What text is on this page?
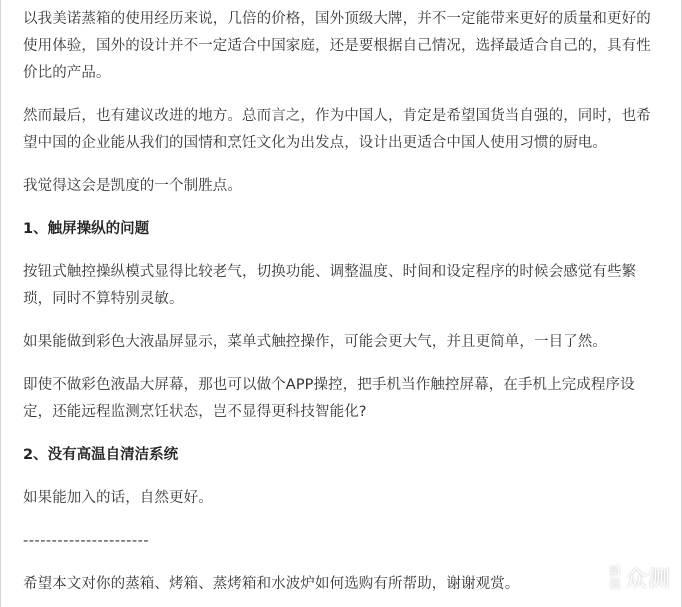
以我美诺蒸箱的使用经历来说，几倍的价格，国外顶级大牌，并不一定能带来更好的质量和更好的使用体验，国外的设计并不一定适合中国家庭，还是要根据自己情况，选择最适合自己的，具有性价比的产品。

然而最后，也有建议改进的地方。总而言之，作为中国人，肯定是希望国货当自强的，同时，也希望中国的企业能从我们的国情和烹饪文化为出发点，设计出更适合中国人使用习惯的厨电。

我觉得这会是凯度的一个制胜点。

1、触屏操纵的问题

按钮式触控操纵模式显得比较老气，切换功能、调整温度、时间和设定程序的时候会感觉有些繁琐，同时不算特别灵敏。

如果能做到彩色大液晶屏显示，菜单式触控操作，可能会更大气，并且更简单，一目了然。

即使不做彩色液晶大屏幕，那也可以做个APP操控，把手机当作触控屏幕，在手机上完成程序设定，还能远程监测烹饪状态，岂不显得更科技智能化?

2、没有高温自清洁系统

如果能加入的话，自然更好。

----------------------

希望本文对你的蒸箱、烤箱、蒸烤箱和水波炉如何选购有所帮助，谢谢观赏。

新
浪 众测
